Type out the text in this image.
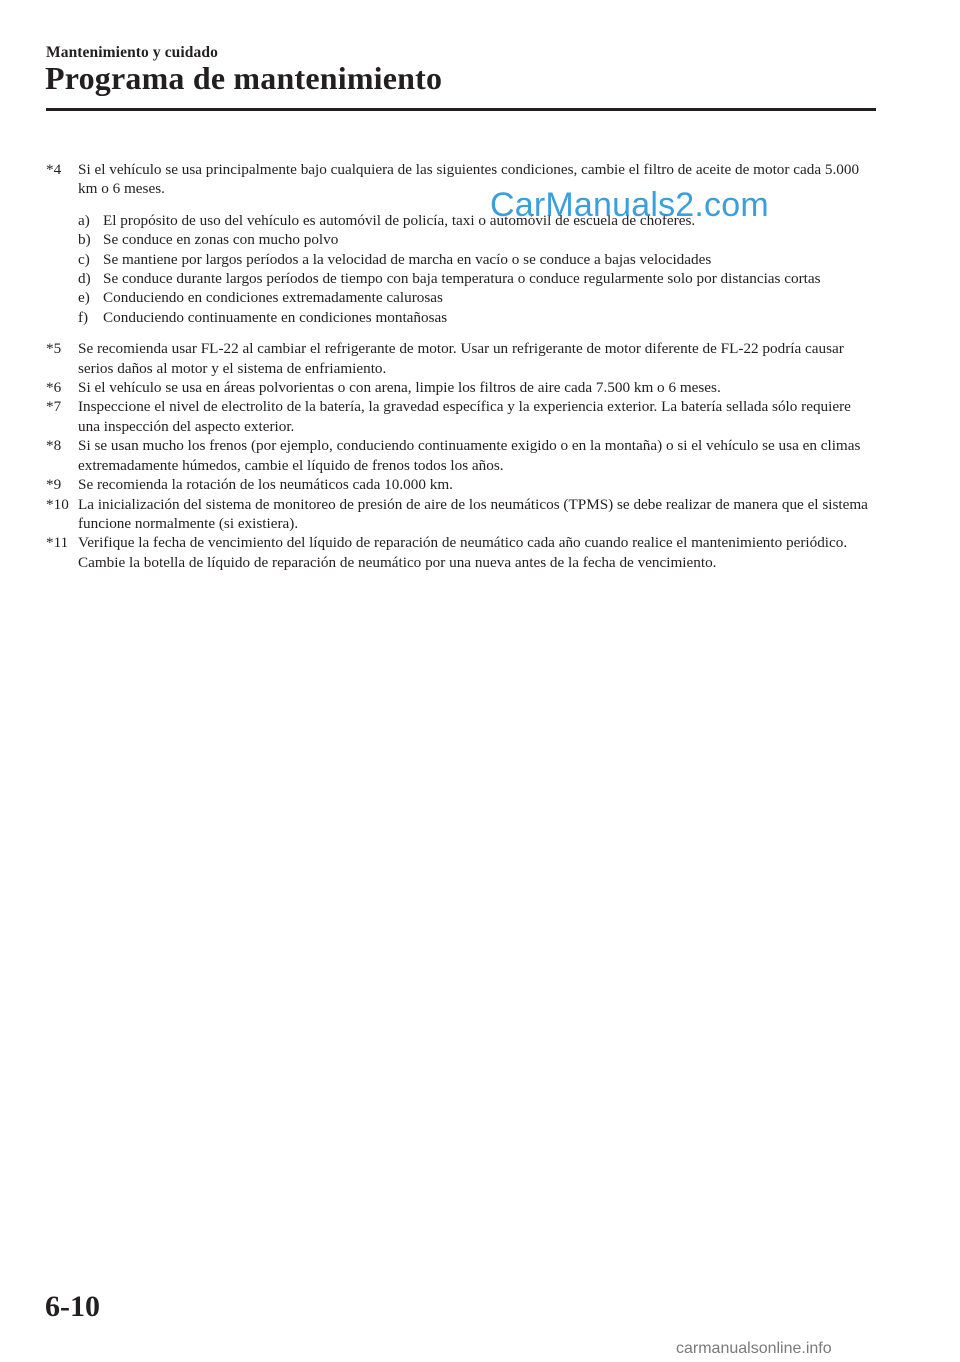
Mantenimiento y cuidado
Programa de mantenimiento
*4	Si el vehículo se usa principalmente bajo cualquiera de las siguientes condiciones, cambie el filtro de aceite de motor cada 5.000 km o 6 meses.
a) El propósito de uso del vehículo es automóvil de policía, taxi o automóvil de escuela de choferes.
b) Se conduce en zonas con mucho polvo
c) Se mantiene por largos períodos a la velocidad de marcha en vacío o se conduce a bajas velocidades
d) Se conduce durante largos períodos de tiempo con baja temperatura o conduce regularmente solo por distancias cortas
e) Conduciendo en condiciones extremadamente calurosas
f) Conduciendo continuamente en condiciones montañosas
*5	Se recomienda usar FL-22 al cambiar el refrigerante de motor. Usar un refrigerante de motor diferente de FL-22 podría causar serios daños al motor y el sistema de enfriamiento.
*6	Si el vehículo se usa en áreas polvorientas o con arena, limpie los filtros de aire cada 7.500 km o 6 meses.
*7	Inspeccione el nivel de electrolito de la batería, la gravedad específica y la experiencia exterior. La batería sellada sólo requiere una inspección del aspecto exterior.
*8	Si se usan mucho los frenos (por ejemplo, conduciendo continuamente exigido o en la montaña) o si el vehículo se usa en climas extremadamente húmedos, cambie el líquido de frenos todos los años.
*9	Se recomienda la rotación de los neumáticos cada 10.000 km.
*10 La inicialización del sistema de monitoreo de presión de aire de los neumáticos (TPMS) se debe realizar de manera que el sistema funcione normalmente (si existiera).
*11 Verifique la fecha de vencimiento del líquido de reparación de neumático cada año cuando realice el mantenimiento periódico. Cambie la botella de líquido de reparación de neumático por una nueva antes de la fecha de vencimiento.
CarManuals2.com
6-10
carmanualsonline.info
